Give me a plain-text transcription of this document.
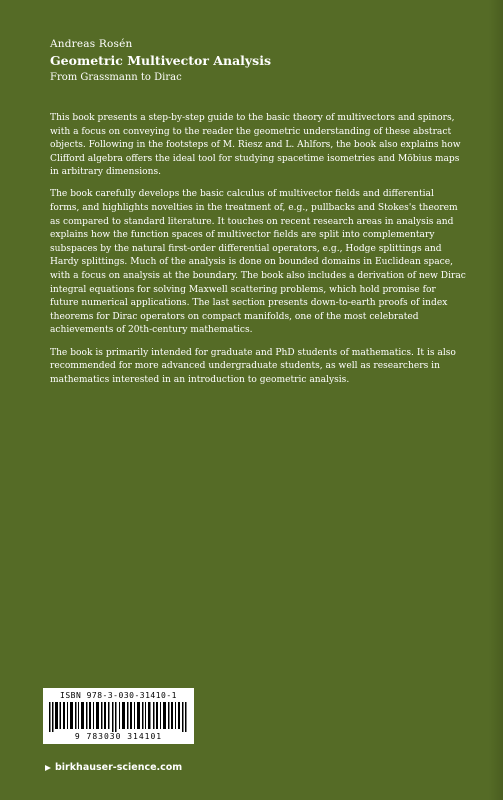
Andreas Rosén
Geometric Multivector Analysis
From Grassmann to Dirac

This book presents a step-by-step guide to the basic theory of multivectors and spinors, with a focus on conveying to the reader the geometric understanding of these abstract objects. Following in the footsteps of M. Riesz and L. Ahlfors, the book also explains how Clifford algebra offers the ideal tool for studying spacetime isometries and Möbius maps in arbitrary dimensions.

The book carefully develops the basic calculus of multivector fields and differential forms, and highlights novelties in the treatment of, e.g., pullbacks and Stokes's theorem as compared to standard literature. It touches on recent research areas in analysis and explains how the function spaces of multivector fields are split into complementary subspaces by the natural first-order differential operators, e.g., Hodge splittings and Hardy splittings. Much of the analysis is done on bounded domains in Euclidean space, with a focus on analysis at the boundary. The book also includes a derivation of new Dirac integral equations for solving Maxwell scattering problems, which hold promise for future numerical applications. The last section presents down-to-earth proofs of index theorems for Dirac operators on compact manifolds, one of the most celebrated achievements of 20th-century mathematics.

The book is primarily intended for graduate and PhD students of mathematics. It is also recommended for more advanced undergraduate students, as well as researchers in mathematics interested in an introduction to geometric analysis.

ISBN 978-3-030-31410-1
9 783030 314101
birkhauser-science.com
